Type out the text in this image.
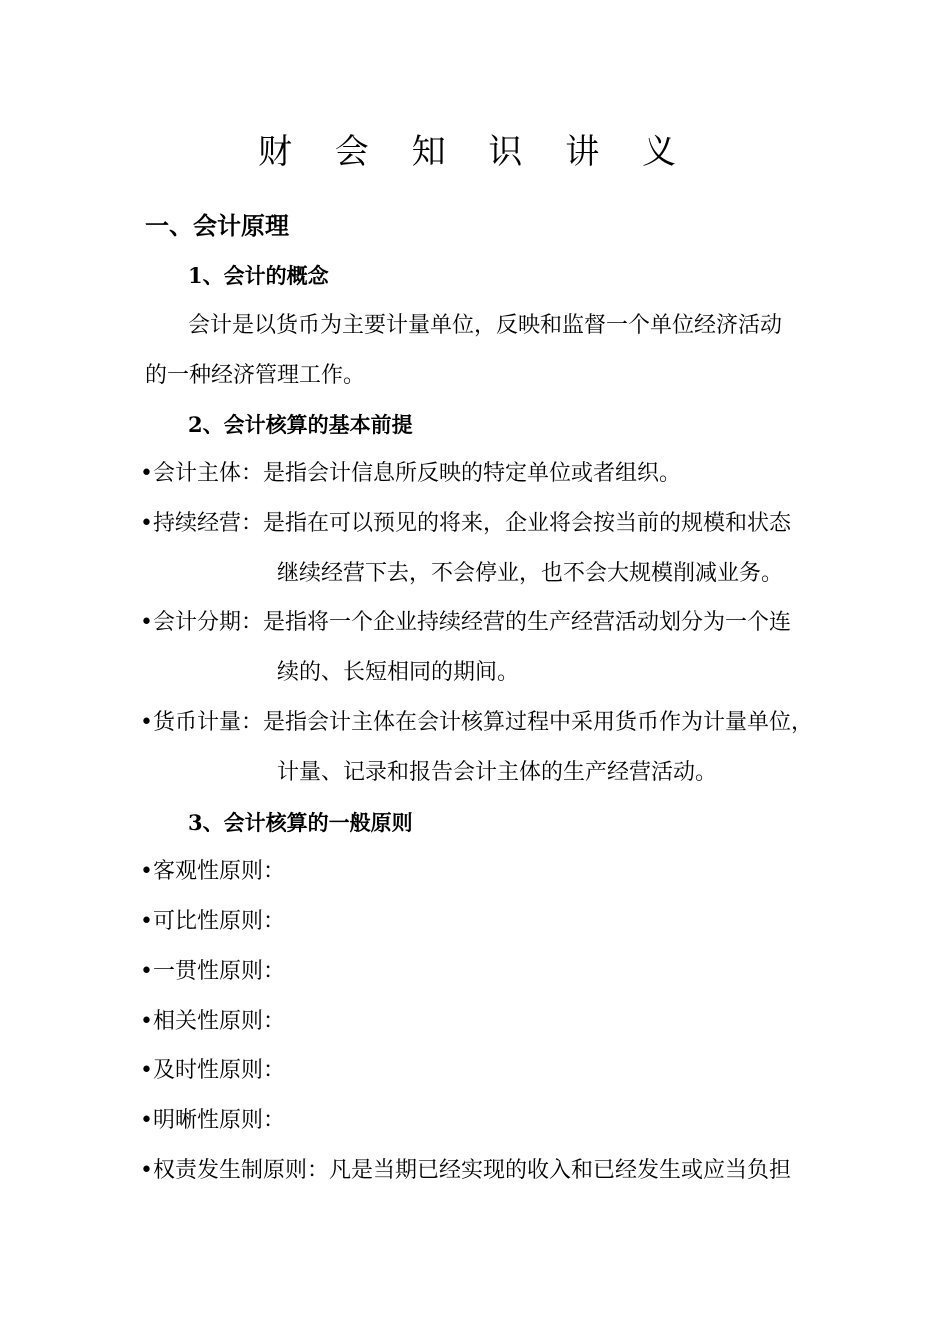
财 会 知 识 讲 义
一、会计原理
1、会计的概念
会计是以货币为主要计量单位，反映和监督一个单位经济活动
的一种经济管理工作。
2、会计核算的基本前提
•会计主体：是指会计信息所反映的特定单位或者组织。
•持续经营：是指在可以预见的将来，企业将会按当前的规模和状态
继续经营下去，不会停业，也不会大规模削减业务。
•会计分期：是指将一个企业持续经营的生产经营活动划分为一个连
续的、长短相同的期间。
•货币计量：是指会计主体在会计核算过程中采用货币作为计量单位，
计量、记录和报告会计主体的生产经营活动。
3、会计核算的一般原则
•客观性原则：
•可比性原则：
•一贯性原则：
•相关性原则：
•及时性原则：
•明晰性原则：
•权责发生制原则：凡是当期已经实现的收入和已经发生或应当负担
